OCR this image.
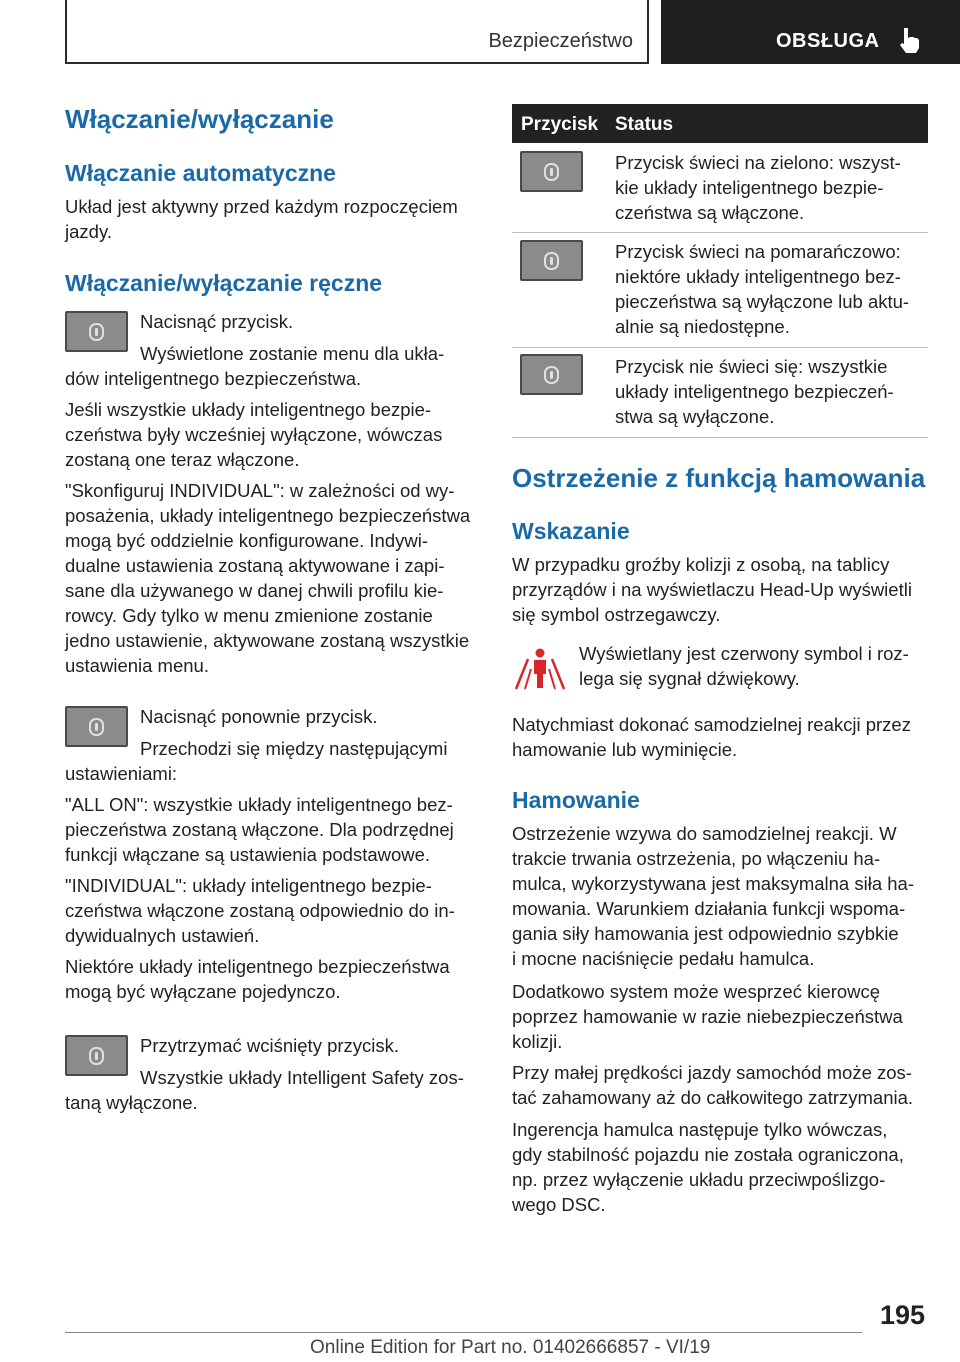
Bezpieczeństwo	OBSŁUGA
Włączanie/wyłączanie
Włączanie automatyczne
Układ jest aktywny przed każdym rozpoczęciem
jazdy.
Włączanie/wyłączanie ręczne
Nacisnąć przycisk.
Wyświetlone zostanie menu dla ukła-
dów inteligentnego bezpieczeństwa.
Jeśli wszystkie układy inteligentnego bezpie-
czeństwa były wcześniej wyłączone, wówczas
zostaną one teraz włączone.
"Skonfiguruj INDIVIDUAL": w zależności od wy-
posażenia, układy inteligentnego bezpieczeństwa
mogą być oddzielnie konfigurowane. Indywi-
dualne ustawienia zostaną aktywowane i zapi-
sane dla używanego w danej chwili profilu kie-
rowcy. Gdy tylko w menu zmienione zostanie
jedno ustawienie, aktywowane zostaną wszystkie
ustawienia menu.
Nacisnąć ponownie przycisk.
Przechodzi się między następującymi
ustawieniami:
"ALL ON": wszystkie układy inteligentnego bez-
pieczeństwa zostaną włączone. Dla podrzędnej
funkcji włączane są ustawienia podstawowe.
"INDIVIDUAL": układy inteligentnego bezpie-
czeństwa włączone zostaną odpowiednio do in-
dywidualnych ustawień.
Niektóre układy inteligentnego bezpieczeństwa
mogą być wyłączane pojedynczo.
Przytrzymać wciśnięty przycisk.
Wszystkie układy Intelligent Safety zos-
taną wyłączone.
Przycisk Status
Przycisk świeci na zielono: wszyst-
kie układy inteligentnego bezpie-
czeństwa są włączone.
Przycisk świeci na pomarańczowo:
niektóre układy inteligentnego bez-
pieczeństwa są wyłączone lub aktu-
alnie są niedostępne.
Przycisk nie świeci się: wszystkie
układy inteligentnego bezpieczeń-
stwa są wyłączone.
Ostrzeżenie z funkcją hamowania
Wskazanie
W przypadku groźby kolizji z osobą, na tablicy
przyrządów i na wyświetlaczu Head-Up wyświetli
się symbol ostrzegawczy.
Wyświetlany jest czerwony symbol i roz-
lega się sygnał dźwiękowy.
Natychmiast dokonać samodzielnej reakcji przez
hamowanie lub wyminięcie.
Hamowanie
Ostrzeżenie wzywa do samodzielnej reakcji. W
trakcie trwania ostrzeżenia, po włączeniu ha-
mulca, wykorzystywana jest maksymalna siła ha-
mowania. Warunkiem działania funkcji wspoma-
gania siły hamowania jest odpowiednio szybkie
i mocne naciśnięcie pedału hamulca.
Dodatkowo system może wesprzeć kierowcę
poprzez hamowanie w razie niebezpieczeństwa
kolizji.
Przy małej prędkości jazdy samochód może zos-
tać zahamowany aż do całkowitego zatrzymania.
Ingerencja hamulca następuje tylko wówczas,
gdy stabilność pojazdu nie została ograniczona,
np. przez wyłączenie układu przeciwpoślizgo-
wego DSC.
195
Online Edition for Part no. 01402666857 - VI/19
